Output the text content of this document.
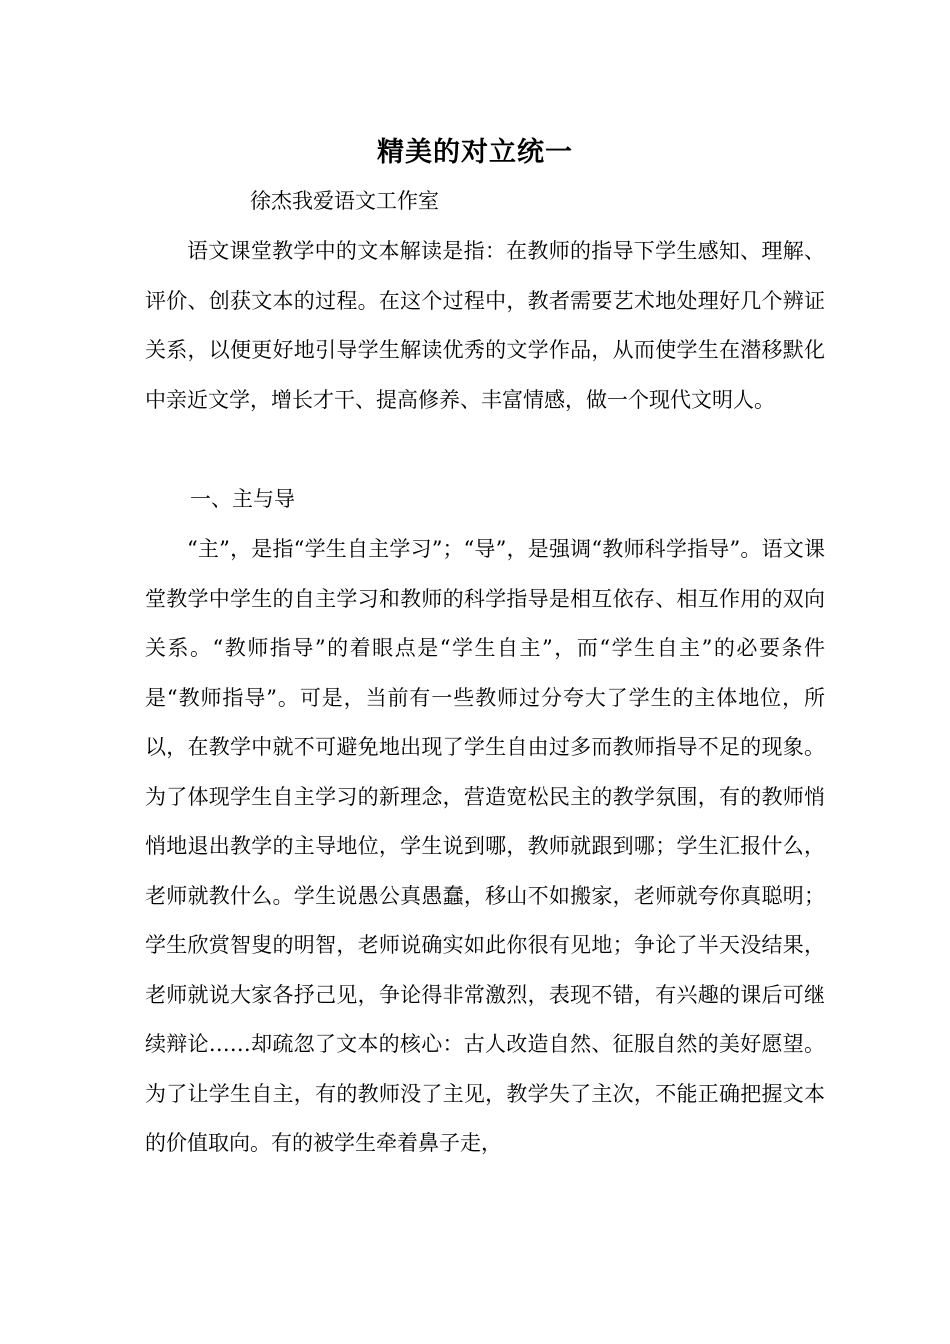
精美的对立统一
徐杰我爱语文工作室

语文课堂教学中的文本解读是指：在教师的指导下学生感知、理解、评价、创获文本的过程。在这个过程中，教者需要艺术地处理好几个辨证关系，以便更好地引导学生解读优秀的文学作品，从而使学生在潜移默化中亲近文学，增长才干、提高修养、丰富情感，做一个现代文明人。

一、主与导

“主”，是指“学生自主学习”；“导”，是强调“教师科学指导”。语文课堂教学中学生的自主学习和教师的科学指导是相互依存、相互作用的双向关系。“教师指导”的着眼点是“学生自主”，而“学生自主”的必要条件是“教师指导”。可是，当前有一些教师过分夸大了学生的主体地位，所以，在教学中就不可避免地出现了学生自由过多而教师指导不足的现象。为了体现学生自主学习的新理念，营造宽松民主的教学氛围，有的教师悄悄地退出教学的主导地位，学生说到哪，教师就跟到哪；学生汇报什么，老师就教什么。学生说愚公真愚蠢，移山不如搬家，老师就夸你真聪明；学生欣赏智叟的明智，老师说确实如此你很有见地；争论了半天没结果，老师就说大家各抒己见，争论得非常激烈，表现不错，有兴趣的课后可继续辩论……却疏忽了文本的核心：古人改造自然、征服自然的美好愿望。为了让学生自主，有的教师没了主见，教学失了主次，不能正确把握文本的价值取向。有的被学生牵着鼻子走，
